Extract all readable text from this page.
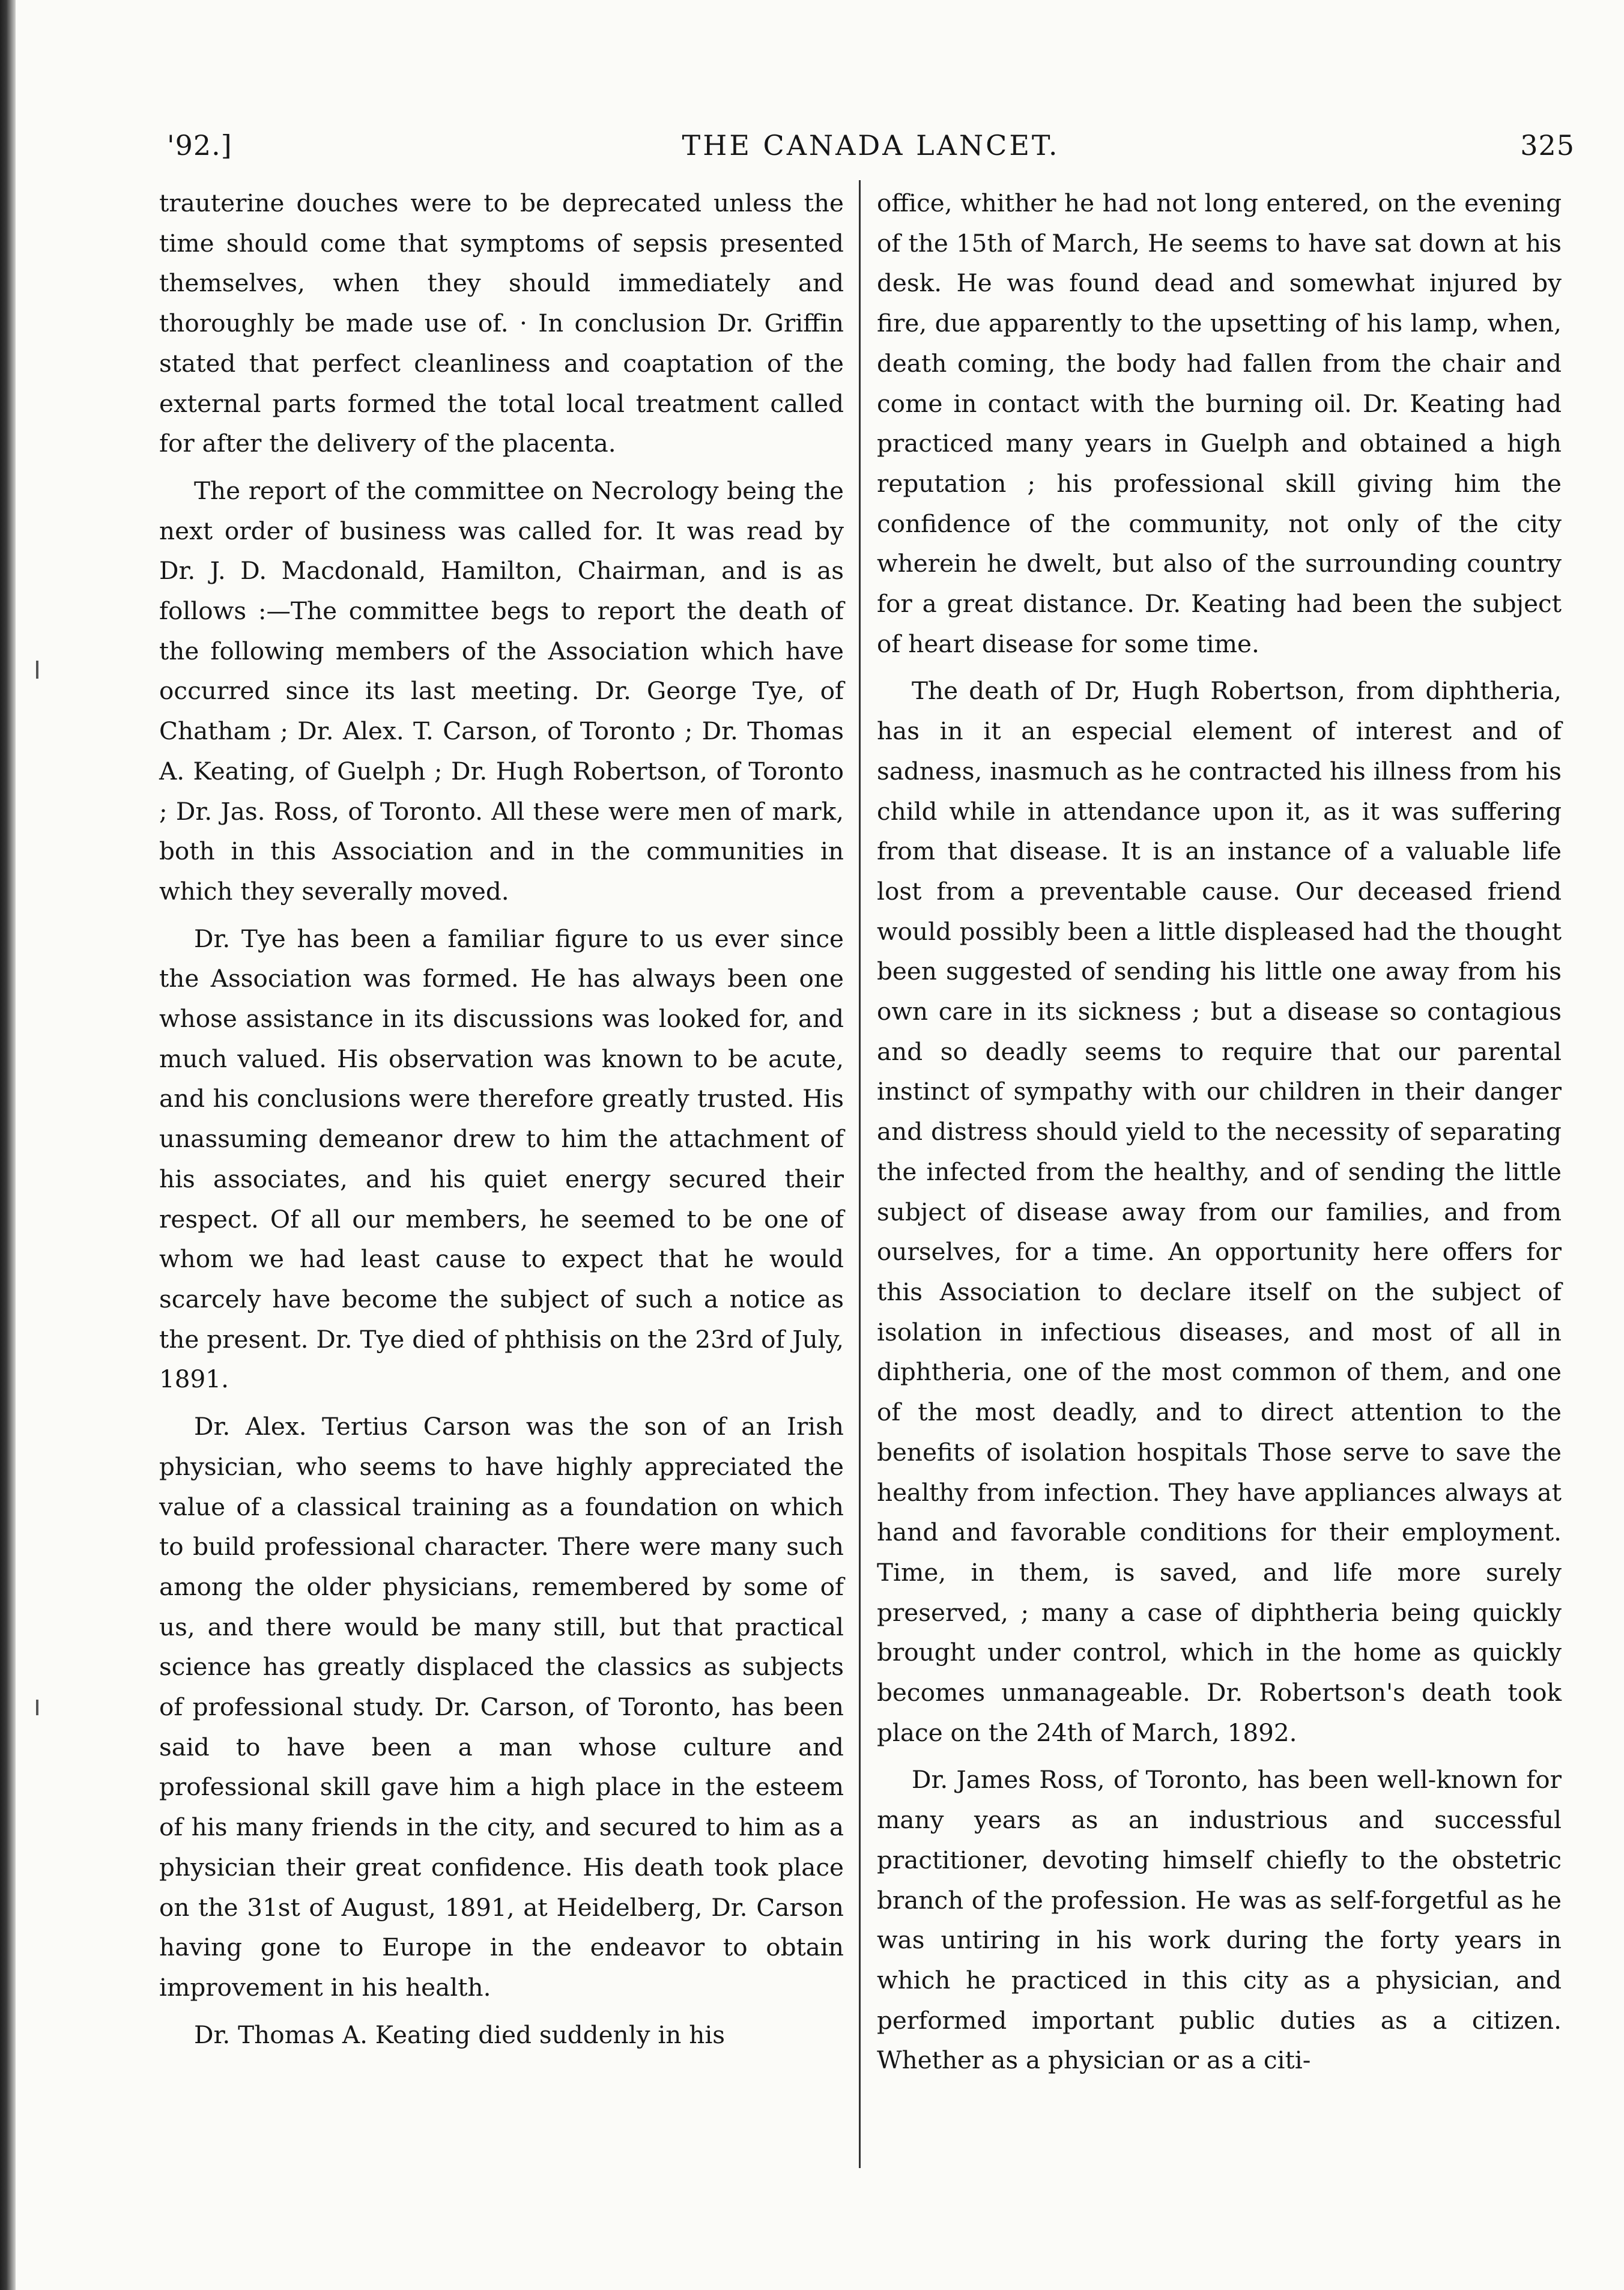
'92.]	THE CANADA LANCET.	325

trauterine douches were to be deprecated unless the time should come that symptoms of sepsis presented themselves, when they should immediately and thoroughly be made use of. · In conclusion Dr. Griffin stated that perfect cleanliness and coaptation of the external parts formed the total local treatment called for after the delivery of the placenta.

The report of the committee on Necrology being the next order of business was called for. It was read by Dr. J. D. Macdonald, Hamilton, Chairman, and is as follows :—The committee begs to report the death of the following members of the Association which have occurred since its last meeting. Dr. George Tye, of Chatham ; Dr. Alex. T. Carson, of Toronto ; Dr. Thomas A. Keating, of Guelph ; Dr. Hugh Robertson, of Toronto ; Dr. Jas. Ross, of Toronto. All these were men of mark, both in this Association and in the communities in which they severally moved.

Dr. Tye has been a familiar figure to us ever since the Association was formed. He has always been one whose assistance in its discussions was looked for, and much valued. His observation was known to be acute, and his conclusions were therefore greatly trusted. His unassuming demeanor drew to him the attachment of his associates, and his quiet energy secured their respect. Of all our members, he seemed to be one of whom we had least cause to expect that he would scarcely have become the subject of such a notice as the present. Dr. Tye died of phthisis on the 23rd of July, 1891.

Dr. Alex. Tertius Carson was the son of an Irish physician, who seems to have highly appreciated the value of a classical training as a foundation on which to build professional character. There were many such among the older physicians, remembered by some of us, and there would be many still, but that practical science has greatly displaced the classics as subjects of professional study. Dr. Carson, of Toronto, has been said to have been a man whose culture and professional skill gave him a high place in the esteem of his many friends in the city, and secured to him as a physician their great confidence. His death took place on the 31st of August, 1891, at Heidelberg, Dr. Carson having gone to Europe in the endeavor to obtain improvement in his health.

Dr. Thomas A. Keating died suddenly in his

office, whither he had not long entered, on the evening of the 15th of March, He seems to have sat down at his desk. He was found dead and somewhat injured by fire, due apparently to the upsetting of his lamp, when, death coming, the body had fallen from the chair and come in contact with the burning oil. Dr. Keating had practiced many years in Guelph and obtained a high reputation ; his professional skill giving him the confidence of the community, not only of the city wherein he dwelt, but also of the surrounding country for a great distance. Dr. Keating had been the subject of heart disease for some time.

The death of Dr, Hugh Robertson, from diphtheria, has in it an especial element of interest and of sadness, inasmuch as he contracted his illness from his child while in attendance upon it, as it was suffering from that disease. It is an instance of a valuable life lost from a preventable cause. Our deceased friend would possibly been a little displeased had the thought been suggested of sending his little one away from his own care in its sickness ; but a disease so contagious and so deadly seems to require that our parental instinct of sympathy with our children in their danger and distress should yield to the necessity of separating the infected from the healthy, and of sending the little subject of disease away from our families, and from ourselves, for a time. An opportunity here offers for this Association to declare itself on the subject of isolation in infectious diseases, and most of all in diphtheria, one of the most common of them, and one of the most deadly, and to direct attention to the benefits of isolation hospitals Those serve to save the healthy from infection. They have appliances always at hand and favorable conditions for their employment. Time, in them, is saved, and life more surely preserved, ; many a case of diphtheria being quickly brought under control, which in the home as quickly becomes unmanageable. Dr. Robertson's death took place on the 24th of March, 1892.

Dr. James Ross, of Toronto, has been well-known for many years as an industrious and successful practitioner, devoting himself chiefly to the obstetric branch of the profession. He was as self-forgetful as he was untiring in his work during the forty years in which he practiced in this city as a physician, and performed important public duties as a citizen. Whether as a physician or as a citi-
